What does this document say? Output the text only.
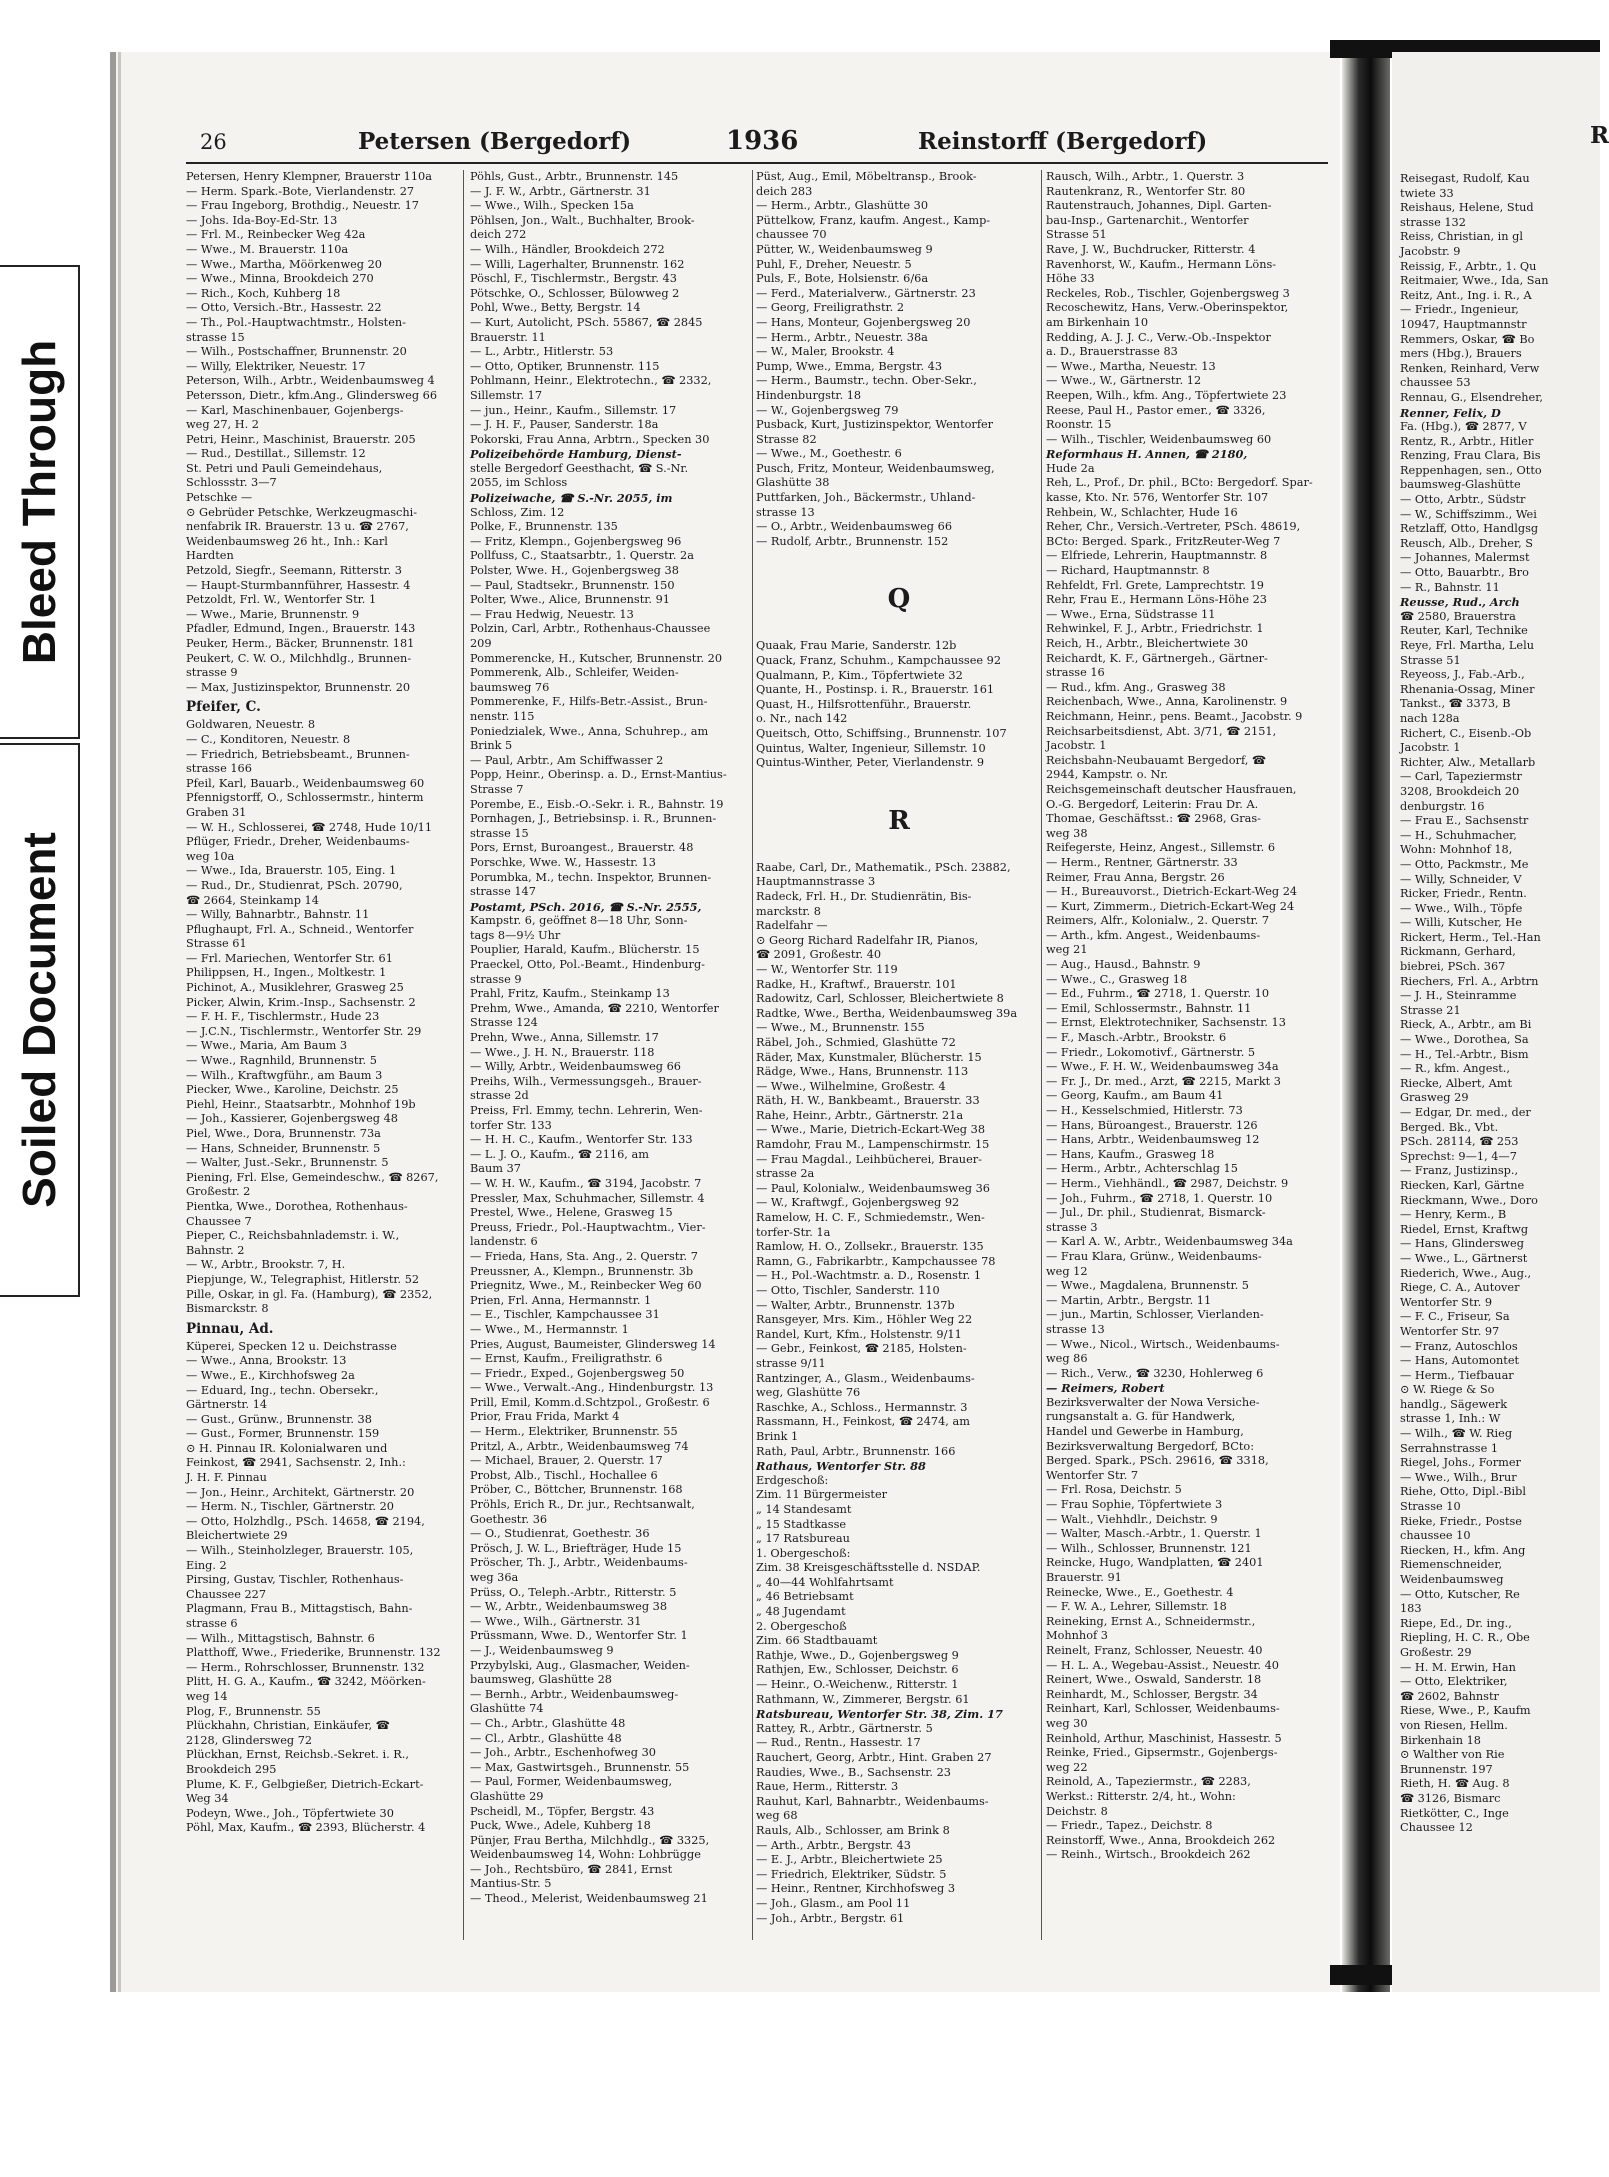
Bleed Through
Soiled Document
26	Petersen (Bergedorf)	1936	Reinstorff (Bergedorf)
Petersen, Henry Klempner, Brauerstr 110a
— Herm. Spark.-Bote, Vierlandenstr. 27
— Frau Ingeborg, Brothdig., Neuestr. 17
— Johs. Ida-Boy-Ed-Str. 13
— Frl. M., Reinbecker Weg 42a
— Wwe., M. Brauerstr. 110a
— Wwe., Martha, Möörkenweg 20
— Wwe., Minna, Brookdeich 270
— Rich., Koch, Kuhberg 18
— Otto, Versich.-Btr., Hassestr. 22
— Th., Pol.-Hauptwachtmstr., Holsten-
strasse 15
— Wilh., Postschaffner, Brunnenstr. 20
— Willy, Elektriker, Neuestr. 17
Peterson, Wilh., Arbtr., Weidenbaumsweg 4
Petersson, Dietr., kfm.Ang., Glindersweg 66
— Karl, Maschinenbauer, Gojenbergs-
weg 27, H. 2
Petri, Heinr., Maschinist, Brauerstr. 205
— Rud., Destillat., Sillemstr. 12
St. Petri und Pauli Gemeindehaus,
Schlossstr. 3—7
Petschke —
⊙ Gebrüder Petschke, Werkzeugmaschi-
nenfabrik IR. Brauerstr. 13 u. ☎ 2767,
Weidenbaumsweg 26 ht., Inh.: Karl
Hardten
Petzold, Siegfr., Seemann, Ritterstr. 3
— Haupt-Sturmbannführer, Hassestr. 4
Petzoldt, Frl. W., Wentorfer Str. 1
— Wwe., Marie, Brunnenstr. 9
Pfadler, Edmund, Ingen., Brauerstr. 143
Peuker, Herm., Bäcker, Brunnenstr. 181
Peukert, C. W. O., Milchhdlg., Brunnen-
strasse 9
— Max, Justizinspektor, Brunnenstr. 20
Pfeifer, C.
Goldwaren, Neuestr. 8
— C., Konditoren, Neuestr. 8
— Friedrich, Betriebsbeamt., Brunnen-
strasse 166
Pfeil, Karl, Bauarb., Weidenbaumsweg 60
Pfennigstorff, O., Schlossermstr., hinterm
Graben 31
— W. H., Schlosserei, ☎ 2748, Hude 10/11
Pflüger, Friedr., Dreher, Weidenbaums-
weg 10a
— Wwe., Ida, Brauerstr. 105, Eing. 1
— Rud., Dr., Studienrat, PSch. 20790,
☎ 2664, Steinkamp 14
— Willy, Bahnarbtr., Bahnstr. 11
Pflughaupt, Frl. A., Schneid., Wentorfer
Strasse 61
— Frl. Mariechen, Wentorfer Str. 61
Philippsen, H., Ingen., Moltkestr. 1
Pichinot, A., Musiklehrer, Grasweg 25
Picker, Alwin, Krim.-Insp., Sachsenstr. 2
— F. H. F., Tischlermstr., Hude 23
— J.C.N., Tischlermstr., Wentorfer Str. 29
— Wwe., Maria, Am Baum 3
— Wwe., Ragnhild, Brunnenstr. 5
— Wilh., Kraftwgführ., am Baum 3
Piecker, Wwe., Karoline, Deichstr. 25
Piehl, Heinr., Staatsarbtr., Mohnhof 19b
— Joh., Kassierer, Gojenbergsweg 48
Piel, Wwe., Dora, Brunnenstr. 73a
— Hans, Schneider, Brunnenstr. 5
— Walter, Just.-Sekr., Brunnenstr. 5
Piening, Frl. Else, Gemeindeschw., ☎ 8267,
Großestr. 2
Pientka, Wwe., Dorothea, Rothenhaus-
Chaussee 7
Pieper, C., Reichsbahnlademstr. i. W.,
Bahnstr. 2
— W., Arbtr., Brookstr. 7, H.
Piepjunge, W., Telegraphist, Hitlerstr. 52
Pille, Oskar, in gl. Fa. (Hamburg), ☎ 2352,
Bismarckstr. 8
Pinnau, Ad.
Küperei, Specken 12 u. Deichstrasse
— Wwe., Anna, Brookstr. 13
— Wwe., E., Kirchhofsweg 2a
— Eduard, Ing., techn. Obersekr.,
Gärtnerstr. 14
— Gust., Grünw., Brunnenstr. 38
— Gust., Former, Brunnenstr. 159
⊙ H. Pinnau IR. Kolonialwaren und
Feinkost, ☎ 2941, Sachsenstr. 2, Inh.:
J. H. F. Pinnau
— Jon., Heinr., Architekt, Gärtnerstr. 20
— Herm. N., Tischler, Gärtnerstr. 20
— Otto, Holzhdlg., PSch. 14658, ☎ 2194,
Bleichertwiete 29
— Wilh., Steinholzleger, Brauerstr. 105,
Eing. 2
Pirsing, Gustav, Tischler, Rothenhaus-
Chaussee 227
Plagmann, Frau B., Mittagstisch, Bahn-
strasse 6
— Wilh., Mittagstisch, Bahnstr. 6
Platthoff, Wwe., Friederike, Brunnenstr. 132
— Herm., Rohrschlosser, Brunnenstr. 132
Plitt, H. G. A., Kaufm., ☎ 3242, Möörken-
weg 14
Plog, F., Brunnenstr. 55
Plückhahn, Christian, Einkäufer, ☎
2128, Glindersweg 72
Plückhan, Ernst, Reichsb.-Sekret. i. R.,
Brookdeich 295
Plume, K. F., Gelbgießer, Dietrich-Eckart-
Weg 34
Podeyn, Wwe., Joh., Töpfertwiete 30
Pöhl, Max, Kaufm., ☎ 2393, Blücherstr. 4
Pöhls, Gust., Arbtr., Brunnenstr. 145
— J. F. W., Arbtr., Gärtnerstr. 31
— Wwe., Wilh., Specken 15a
Pöhlsen, Jon., Walt., Buchhalter, Brook-
deich 272
— Wilh., Händler, Brookdeich 272
— Willi, Lagerhalter, Brunnenstr. 162
Pöschl, F., Tischlermstr., Bergstr. 43
Pötschke, O., Schlosser, Bülowweg 2
Pohl, Wwe., Betty, Bergstr. 14
— Kurt, Autolicht, PSch. 55867, ☎ 2845
Brauerstr. 11
— L., Arbtr., Hitlerstr. 53
— Otto, Optiker, Brunnenstr. 115
Pohlmann, Heinr., Elektrotechn., ☎ 2332,
Sillemstr. 17
— jun., Heinr., Kaufm., Sillemstr. 17
— J. H. F., Pauser, Sanderstr. 18a
Pokorski, Frau Anna, Arbtrn., Specken 30
Polizeibehörde Hamburg, Dienst-
stelle Bergedorf Geesthacht, ☎ S.-Nr.
2055, im Schloss
Polizeiwache, ☎ S.-Nr. 2055, im
Schloss, Zim. 12
Polke, F., Brunnenstr. 135
— Fritz, Klempn., Gojenbergsweg 96
Pollfuss, C., Staatsarbtr., 1. Querstr. 2a
Polster, Wwe. H., Gojenbergsweg 38
— Paul, Stadtsekr., Brunnenstr. 150
Polter, Wwe., Alice, Brunnenstr. 91
— Frau Hedwig, Neuestr. 13
Polzin, Carl, Arbtr., Rothenhaus-Chaussee
209
Pommerencke, H., Kutscher, Brunnenstr. 20
Pommerenk, Alb., Schleifer, Weiden-
baumsweg 76
Pommerenke, F., Hilfs-Betr.-Assist., Brun-
nenstr. 115
Poniedzialek, Wwe., Anna, Schuhrep., am
Brink 5
— Paul, Arbtr., Am Schiffwasser 2
Popp, Heinr., Oberinsp. a. D., Ernst-Mantius-
Strasse 7
Porembe, E., Eisb.-O.-Sekr. i. R., Bahnstr. 19
Pornhagen, J., Betriebsinsp. i. R., Brunnen-
strasse 15
Pors, Ernst, Buroangest., Brauerstr. 48
Porschke, Wwe. W., Hassestr. 13
Porumbka, M., techn. Inspektor, Brunnen-
strasse 147
Postamt, PSch. 2016, ☎ S.-Nr. 2555,
Kampstr. 6, geöffnet 8—18 Uhr, Sonn-
tags 8—9½ Uhr
Pouplier, Harald, Kaufm., Blücherstr. 15
Praeckel, Otto, Pol.-Beamt., Hindenburg-
strasse 9
Prahl, Fritz, Kaufm., Steinkamp 13
Prehm, Wwe., Amanda, ☎ 2210, Wentorfer
Strasse 124
Prehn, Wwe., Anna, Sillemstr. 17
— Wwe., J. H. N., Brauerstr. 118
— Willy, Arbtr., Weidenbaumsweg 66
Preihs, Wilh., Vermessungsgeh., Brauer-
strasse 2d
Preiss, Frl. Emmy, techn. Lehrerin, Wen-
torfer Str. 133
— H. H. C., Kaufm., Wentorfer Str. 133
— L. J. O., Kaufm., ☎ 2116, am
Baum 37
— W. H. W., Kaufm., ☎ 3194, Jacobstr. 7
Pressler, Max, Schuhmacher, Sillemstr. 4
Prestel, Wwe., Helene, Grasweg 15
Preuss, Friedr., Pol.-Hauptwachtm., Vier-
landenstr. 6
— Frieda, Hans, Sta. Ang., 2. Querstr. 7
Preussner, A., Klempn., Brunnenstr. 3b
Priegnitz, Wwe., M., Reinbecker Weg 60
Prien, Frl. Anna, Hermannstr. 1
— E., Tischler, Kampchaussee 31
— Wwe., M., Hermannstr. 1
Pries, August, Baumeister, Glindersweg 14
— Ernst, Kaufm., Freiligrathstr. 6
— Friedr., Exped., Gojenbergsweg 50
— Wwe., Verwalt.-Ang., Hindenburgstr. 13
Prill, Emil, Komm.d.Schtzpol., Großestr. 6
Prior, Frau Frida, Markt 4
— Herm., Elektriker, Brunnenstr. 55
Pritzl, A., Arbtr., Weidenbaumsweg 74
— Michael, Brauer, 2. Querstr. 17
Probst, Alb., Tischl., Hochallee 6
Pröber, C., Böttcher, Brunnenstr. 168
Pröhls, Erich R., Dr. jur., Rechtsanwalt,
Goethestr. 36
— O., Studienrat, Goethestr. 36
Prösch, J. W. L., Briefträger, Hude 15
Pröscher, Th. J., Arbtr., Weidenbaums-
weg 36a
Prüss, O., Teleph.-Arbtr., Ritterstr. 5
— W., Arbtr., Weidenbaumsweg 38
— Wwe., Wilh., Gärtnerstr. 31
Prüssmann, Wwe. D., Wentorfer Str. 1
— J., Weidenbaumsweg 9
Przybylski, Aug., Glasmacher, Weiden-
baumsweg, Glashütte 28
— Bernh., Arbtr., Weidenbaumsweg-
Glashütte 74
— Ch., Arbtr., Glashütte 48
— Cl., Arbtr., Glashütte 48
— Joh., Arbtr., Eschenhofweg 30
— Max, Gastwirtsgeh., Brunnenstr. 55
— Paul, Former, Weidenbaumsweg,
Glashütte 29
Pscheidl, M., Töpfer, Bergstr. 43
Puck, Wwe., Adele, Kuhberg 18
Pünjer, Frau Bertha, Milchhdlg., ☎ 3325,
Weidenbaumsweg 14, Wohn: Lohbrügge
— Joh., Rechtsbüro, ☎ 2841, Ernst
Mantius-Str. 5
— Theod., Melerist, Weidenbaumsweg 21
Püst, Aug., Emil, Möbeltransp., Brook-
deich 283
— Herm., Arbtr., Glashütte 30
Püttelkow, Franz, kaufm. Angest., Kamp-
chaussee 70
Pütter, W., Weidenbaumsweg 9
Puhl, F., Dreher, Neuestr. 5
Puls, F., Bote, Holsienstr. 6/6a
— Ferd., Materialverw., Gärtnerstr. 23
— Georg, Freiligrathstr. 2
— Hans, Monteur, Gojenbergsweg 20
— Herm., Arbtr., Neuestr. 38a
— W., Maler, Brookstr. 4
Pump, Wwe., Emma, Bergstr. 43
— Herm., Baumstr., techn. Ober-Sekr.,
Hindenburgstr. 18
— W., Gojenbergsweg 79
Pusback, Kurt, Justizinspektor, Wentorfer
Strasse 82
— Wwe., M., Goethestr. 6
Pusch, Fritz, Monteur, Weidenbaumsweg,
Glashütte 38
Puttfarken, Joh., Bäckermstr., Uhland-
strasse 13
— O., Arbtr., Weidenbaumsweg 66
— Rudolf, Arbtr., Brunnenstr. 152
Q
Quaak, Frau Marie, Sanderstr. 12b
Quack, Franz, Schuhm., Kampchaussee 92
Qualmann, P., Kim., Töpfertwiete 32
Quante, H., Postinsp. i. R., Brauerstr. 161
Quast, H., Hilfsrottenführ., Brauerstr.
o. Nr., nach 142
Queitsch, Otto, Schiffsing., Brunnenstr. 107
Quintus, Walter, Ingenieur, Sillemstr. 10
Quintus-Winther, Peter, Vierlandenstr. 9
R
Raabe, Carl, Dr., Mathematik., PSch. 23882,
Hauptmannstrasse 3
Radeck, Frl. H., Dr. Studienrätin, Bis-
marckstr. 8
Radelfahr —
⊙ Georg Richard Radelfahr IR, Pianos,
☎ 2091, Großestr. 40
— W., Wentorfer Str. 119
Radke, H., Kraftwf., Brauerstr. 101
Radowitz, Carl, Schlosser, Bleichertwiete 8
Radtke, Wwe., Bertha, Weidenbaumsweg 39a
— Wwe., M., Brunnenstr. 155
Räbel, Joh., Schmied, Glashütte 72
Räder, Max, Kunstmaler, Blücherstr. 15
Rädge, Wwe., Hans, Brunnenstr. 113
— Wwe., Wilhelmine, Großestr. 4
Räth, H. W., Bankbeamt., Brauerstr. 33
Rahe, Heinr., Arbtr., Gärtnerstr. 21a
— Wwe., Marie, Dietrich-Eckart-Weg 38
Ramdohr, Frau M., Lampenschirmstr. 15
— Frau Magdal., Leihbücherei, Brauer-
strasse 2a
— Paul, Kolonialw., Weidenbaumsweg 36
— W., Kraftwgf., Gojenbergsweg 92
Ramelow, H. C. F., Schmiedemstr., Wen-
torfer-Str. 1a
Ramlow, H. O., Zollsekr., Brauerstr. 135
Ramn, G., Fabrikarbtr., Kampchaussee 78
— H., Pol.-Wachtmstr. a. D., Rosenstr. 1
— Otto, Tischler, Sanderstr. 110
— Walter, Arbtr., Brunnenstr. 137b
Ransgeyer, Mrs. Kim., Höhler Weg 22
Randel, Kurt, Kfm., Holstenstr. 9/11
— Gebr., Feinkost, ☎ 2185, Holsten-
strasse 9/11
Rantzinger, A., Glasm., Weidenbaums-
weg, Glashütte 76
Raschke, A., Schloss., Hermannstr. 3
Rassmann, H., Feinkost, ☎ 2474, am
Brink 1
Rath, Paul, Arbtr., Brunnenstr. 166
Rathaus, Wentorfer Str. 88
Erdgeschoß:
Zim. 11 Bürgermeister
„ 14 Standesamt
„ 15 Stadtkasse
„ 17 Ratsbureau
1. Obergeschoß:
Zim. 38 Kreisgeschäftsstelle d. NSDAP.
„ 40—44 Wohlfahrtsamt
„ 46 Betriebsamt
„ 48 Jugendamt
2. Obergeschoß
Zim. 66 Stadtbauamt
Rathje, Wwe., D., Gojenbergsweg 9
Rathjen, Ew., Schlosser, Deichstr. 6
— Heinr., O.-Weichenw., Ritterstr. 1
Rathmann, W., Zimmerer, Bergstr. 61
Ratsbureau, Wentorfer Str. 38, Zim. 17
Rattey, R., Arbtr., Gärtnerstr. 5
— Rud., Rentn., Hassestr. 17
Rauchert, Georg, Arbtr., Hint. Graben 27
Raudies, Wwe., B., Sachsenstr. 23
Raue, Herm., Ritterstr. 3
Rauhut, Karl, Bahnarbtr., Weidenbaums-
weg 68
Rauls, Alb., Schlosser, am Brink 8
— Arth., Arbtr., Bergstr. 43
— E. J., Arbtr., Bleichertwiete 25
— Friedrich, Elektriker, Südstr. 5
— Heinr., Rentner, Kirchhofsweg 3
— Joh., Glasm., am Pool 11
— Joh., Arbtr., Bergstr. 61
Rausch, Wilh., Arbtr., 1. Querstr. 3
Rautenkranz, R., Wentorfer Str. 80
Rautenstrauch, Johannes, Dipl. Garten-
bau-Insp., Gartenarchit., Wentorfer
Strasse 51
Rave, J. W., Buchdrucker, Ritterstr. 4
Ravenhorst, W., Kaufm., Hermann Löns-
Höhe 33
Reckeles, Rob., Tischler, Gojenbergsweg 3
Recoschewitz, Hans, Verw.-Oberinspektor,
am Birkenhain 10
Redding, A. J. J. C., Verw.-Ob.-Inspektor
a. D., Brauerstrasse 83
— Wwe., Martha, Neuestr. 13
— Wwe., W., Gärtnerstr. 12
Reepen, Wilh., kfm. Ang., Töpfertwiete 23
Reese, Paul H., Pastor emer., ☎ 3326,
Roonstr. 15
— Wilh., Tischler, Weidenbaumsweg 60
Reformhaus H. Annen, ☎ 2180,
Hude 2a
Reh, L., Prof., Dr. phil., BCto: Bergedorf. Spar-
kasse, Kto. Nr. 576, Wentorfer Str. 107
Rehbein, W., Schlachter, Hude 16
Reher, Chr., Versich.-Vertreter, PSch. 48619,
BCto: Berged. Spark., FritzReuter-Weg 7
— Elfriede, Lehrerin, Hauptmannstr. 8
— Richard, Hauptmannstr. 8
Rehfeldt, Frl. Grete, Lamprechtstr. 19
Rehr, Frau E., Hermann Löns-Höhe 23
— Wwe., Erna, Südstrasse 11
Rehwinkel, F. J., Arbtr., Friedrichstr. 1
Reich, H., Arbtr., Bleichertwiete 30
Reichardt, K. F., Gärtnergeh., Gärtner-
strasse 16
— Rud., kfm. Ang., Grasweg 38
Reichenbach, Wwe., Anna, Karolinenstr. 9
Reichmann, Heinr., pens. Beamt., Jacobstr. 9
Reichsarbeitsdienst, Abt. 3/71, ☎ 2151,
Jacobstr. 1
Reichsbahn-Neubauamt Bergedorf, ☎
2944, Kampstr. o. Nr.
Reichsgemeinschaft deutscher Hausfrauen,
O.-G. Bergedorf, Leiterin: Frau Dr. A.
Thomae, Geschäftsst.: ☎ 2968, Gras-
weg 38
Reifegerste, Heinz, Angest., Sillemstr. 6
— Herm., Rentner, Gärtnerstr. 33
Reimer, Frau Anna, Bergstr. 26
— H., Bureauvorst., Dietrich-Eckart-Weg 24
— Kurt, Zimmerm., Dietrich-Eckart-Weg 24
Reimers, Alfr., Kolonialw., 2. Querstr. 7
— Arth., kfm. Angest., Weidenbaums-
weg 21
— Aug., Hausd., Bahnstr. 9
— Wwe., C., Grasweg 18
— Ed., Fuhrm., ☎ 2718, 1. Querstr. 10
— Emil, Schlossermstr., Bahnstr. 11
— Ernst, Elektrotechniker, Sachsenstr. 13
— F., Masch.-Arbtr., Brookstr. 6
— Friedr., Lokomotivf., Gärtnerstr. 5
— Wwe., F. H. W., Weidenbaumsweg 34a
— Fr. J., Dr. med., Arzt, ☎ 2215, Markt 3
— Georg, Kaufm., am Baum 41
— H., Kesselschmied, Hitlerstr. 73
— Hans, Büroangest., Brauerstr. 126
— Hans, Arbtr., Weidenbaumsweg 12
— Hans, Kaufm., Grasweg 18
— Herm., Arbtr., Achterschlag 15
— Herm., Viehhändl., ☎ 2987, Deichstr. 9
— Joh., Fuhrm., ☎ 2718, 1. Querstr. 10
— Jul., Dr. phil., Studienrat, Bismarck-
strasse 3
— Karl A. W., Arbtr., Weidenbaumsweg 34a
— Frau Klara, Grünw., Weidenbaums-
weg 12
— Wwe., Magdalena, Brunnenstr. 5
— Martin, Arbtr., Bergstr. 11
— jun., Martin, Schlosser, Vierlanden-
strasse 13
— Wwe., Nicol., Wirtsch., Weidenbaums-
weg 86
— Rich., Verw., ☎ 3230, Hohlerweg 6
— Reimers, Robert
Bezirksverwalter der Nowa Versiche-
rungsanstalt a. G. für Handwerk,
Handel und Gewerbe in Hamburg,
Bezirksverwaltung Bergedorf, BCto:
Berged. Spark., PSch. 29616, ☎ 3318,
Wentorfer Str. 7
— Frl. Rosa, Deichstr. 5
— Frau Sophie, Töpfertwiete 3
— Walt., Viehhdlr., Deichstr. 9
— Walter, Masch.-Arbtr., 1. Querstr. 1
— Wilh., Schlosser, Brunnenstr. 121
Reincke, Hugo, Wandplatten, ☎ 2401
Brauerstr. 91
Reinecke, Wwe., E., Goethestr. 4
— F. W. A., Lehrer, Sillemstr. 18
Reineking, Ernst A., Schneidermstr.,
Mohnhof 3
Reinelt, Franz, Schlosser, Neuestr. 40
— H. L. A., Wegebau-Assist., Neuestr. 40
Reinert, Wwe., Oswald, Sanderstr. 18
Reinhardt, M., Schlosser, Bergstr. 34
Reinhart, Karl, Schlosser, Weidenbaums-
weg 30
Reinhold, Arthur, Maschinist, Hassestr. 5
Reinke, Fried., Gipsermstr., Gojenbergs-
weg 22
Reinold, A., Tapeziermstr., ☎ 2283,
Werkst.: Ritterstr. 2/4, ht., Wohn:
Deichstr. 8
— Friedr., Tapez., Deichstr. 8
Reinstorff, Wwe., Anna, Brookdeich 262
— Reinh., Wirtsch., Brookdeich 262
R
Reisegast, Rudolf, Kau
twiete 33
Reishaus, Helene, Stud
strasse 132
Reiss, Christian, in gl
Jacobstr. 9
Reissig, F., Arbtr., 1. Qu
Reitmaier, Wwe., Ida, San
Reitz, Ant., Ing. i. R., A
— Friedr., Ingenieur,
10947, Hauptmannstr
Remmers, Oskar, ☎ Bo
mers (Hbg.), Brauers
Renken, Reinhard, Verw
chaussee 53
Rennau, G., Elsendreher,
Renner, Felix, D
Fa. (Hbg.), ☎ 2877, V
Rentz, R., Arbtr., Hitler
Renzing, Frau Clara, Bis
Reppenhagen, sen., Otto
baumsweg-Glashütte
— Otto, Arbtr., Südstr
— W., Schiffszimm., Wei
Retzlaff, Otto, Handlgsg
Reusch, Alb., Dreher, S
— Johannes, Malermst
— Otto, Bauarbtr., Bro
— R., Bahnstr. 11
Reusse, Rud., Arch
☎ 2580, Brauerstra
Reuter, Karl, Technike
Reye, Frl. Martha, Lelu
Strasse 51
Reyeoss, J., Fab.-Arb.,
Rhenania-Ossag, Miner
Tankst., ☎ 3373, B
nach 128a
Richert, C., Eisenb.-Ob
Jacobstr. 1
Richter, Alw., Metallarb
— Carl, Tapeziermstr
3208, Brookdeich 20
denburgstr. 16
— Frau E., Sachsenstr
— H., Schuhmacher,
Wohn: Mohnhof 18,
— Otto, Packmstr., Me
— Willy, Schneider, V
Ricker, Friedr., Rentn.
— Wwe., Wilh., Töpfe
— Willi, Kutscher, He
Rickert, Herm., Tel.-Han
Rickmann, Gerhard,
biebrei, PSch. 367
Riechers, Frl. A., Arbtrn
— J. H., Steinramme
Strasse 21
Rieck, A., Arbtr., am Bi
— Wwe., Dorothea, Sa
— H., Tel.-Arbtr., Bism
— R., kfm. Angest.,
Riecke, Albert, Amt
Grasweg 29
— Edgar, Dr. med., der
Berged. Bk., Vbt.
PSch. 28114, ☎ 253
Sprechst: 9—1, 4—7
— Franz, Justizinsp.,
Riecken, Karl, Gärtne
Rieckmann, Wwe., Doro
— Henry, Kerm., B
Riedel, Ernst, Kraftwg
— Hans, Glindersweg
— Wwe., L., Gärtnerst
Riederich, Wwe., Aug.,
Riege, C. A., Autover
Wentorfer Str. 9
— F. C., Friseur, Sa
Wentorfer Str. 97
— Franz, Autoschlos
— Hans, Automontet
— Herm., Tiefbauar
⊙ W. Riege & So
handlg., Sägewerk
strasse 1, Inh.: W
— Wilh., ☎ W. Rieg
Serrahnstrasse 1
Riegel, Johs., Former
— Wwe., Wilh., Brur
Riehe, Otto, Dipl.-Bibl
Strasse 10
Rieke, Friedr., Postse
chaussee 10
Riecken, H., kfm. Ang
Riemenschneider,
Weidenbaumsweg
— Otto, Kutscher, Re
183
Riepe, Ed., Dr. ing.,
Riepling, H. C. R., Obe
Großestr. 29
— H. M. Erwin, Han
— Otto, Elektriker,
☎ 2602, Bahnstr
Riese, Wwe., P., Kaufm
von Riesen, Hellm.
Birkenhain 18
⊙ Walther von Rie
Brunnenstr. 197
Rieth, H. ☎ Aug. 8
☎ 3126, Bismarc
Rietkötter, C., Inge
Chaussee 12
